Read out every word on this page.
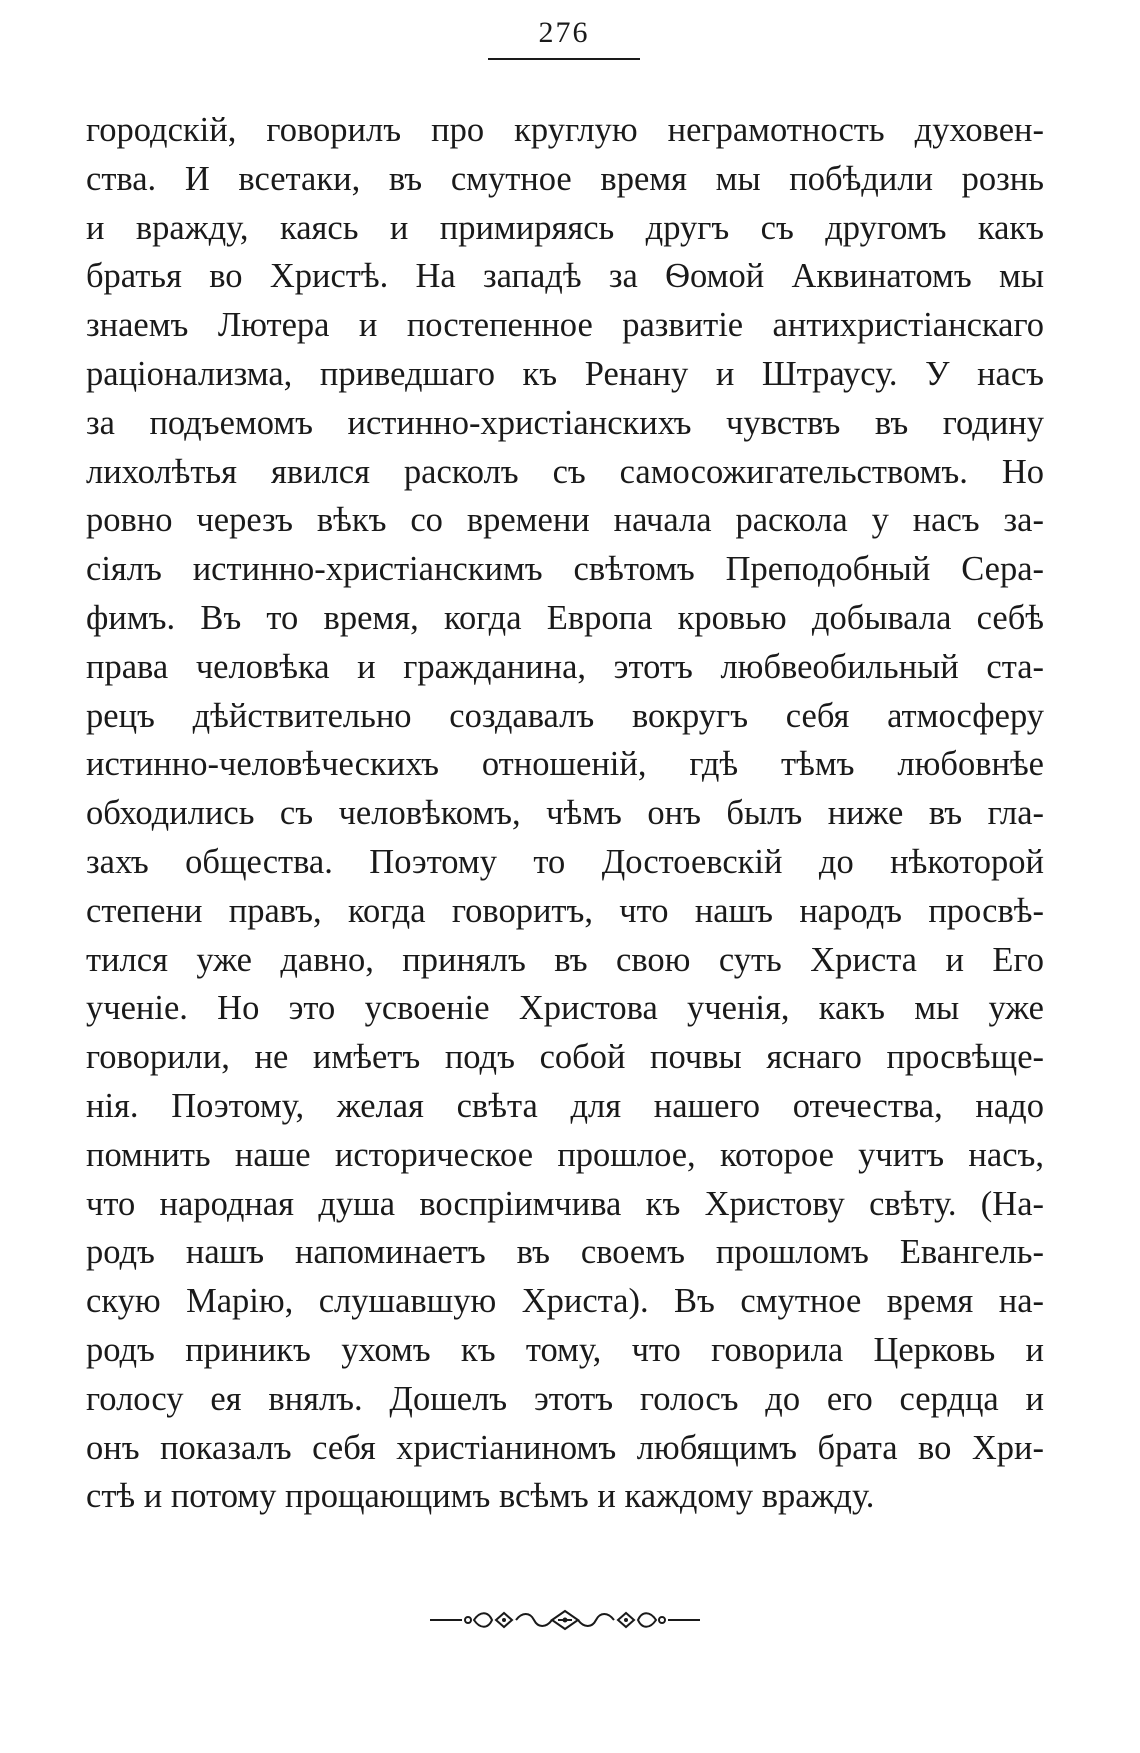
276
городскій, говорилъ про круглую неграмотность духовен-
ства. И всетаки, въ смутное время мы побѣдили рознь
и вражду, каясь и примиряясь другъ съ другомъ какъ
братья во Христѣ. На западѣ за Ѳомой Аквинатомъ мы
знаемъ Лютера и постепенное развитіе антихристіанскаго
раціонализма, приведшаго къ Ренану и Штраусу. У насъ
за подъемомъ истинно-христіанскихъ чувствъ въ годину
лихолѣтья явился расколъ съ самосожигательствомъ. Но
ровно черезъ вѣкъ со времени начала раскола у насъ за-
сіялъ истинно-христіанскимъ свѣтомъ Преподобный Сера-
фимъ. Въ то время, когда Европа кровью добывала себѣ
права человѣка и гражданина, этотъ любвеобильный ста-
рецъ дѣйствительно создавалъ вокругъ себя атмосферу
истинно-человѣческихъ отношеній, гдѣ тѣмъ любовнѣе
обходились съ человѣкомъ, чѣмъ онъ былъ ниже въ гла-
захъ общества. Поэтому то Достоевскій до нѣкоторой
степени правъ, когда говоритъ, что нашъ народъ просвѣ-
тился уже давно, принялъ въ свою суть Христа и Его
ученіе. Но это усвоеніе Христова ученія, какъ мы уже
говорили, не имѣетъ подъ собой почвы яснаго просвѣще-
нія. Поэтому, желая свѣта для нашего отечества, надо
помнить наше историческое прошлое, которое учитъ насъ,
что народная душа воспріимчива къ Христову свѣту. (На-
родъ нашъ напоминаетъ въ своемъ прошломъ Евангель-
скую Марію, слушавшую Христа). Въ смутное время на-
родъ приникъ ухомъ къ тому, что говорила Церковь и
голосу ея внялъ. Дошелъ этотъ голосъ до его сердца и
онъ показалъ себя христіаниномъ любящимъ брата во Хри-
стѣ и потому прощающимъ всѣмъ и каждому вражду.
